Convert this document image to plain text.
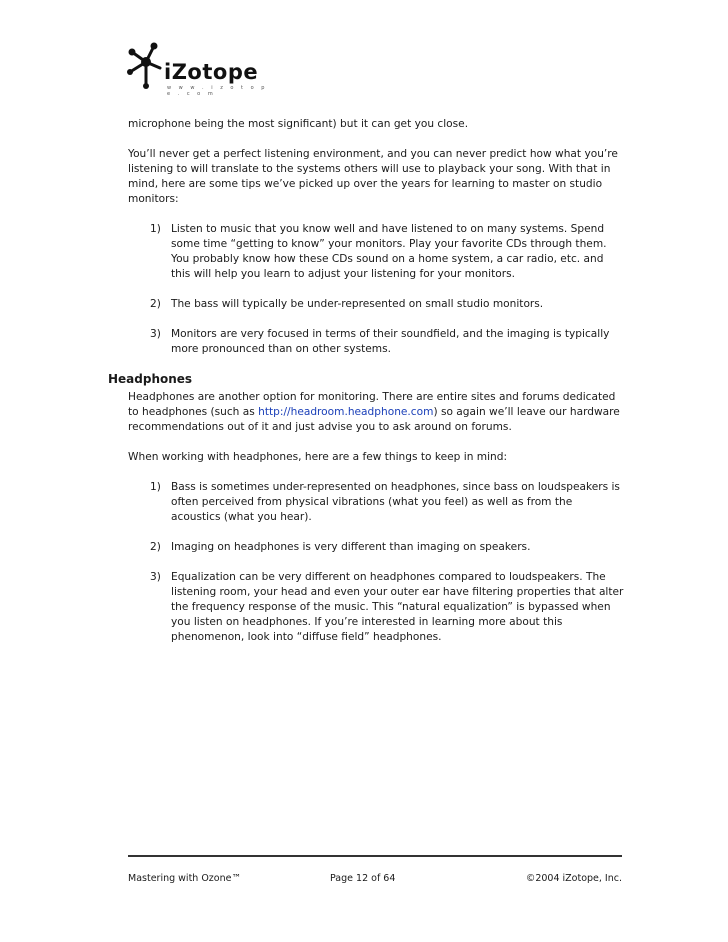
iZotope
w w w . i z o t o p e . c o m

microphone being the most significant) but it can get you close.

You’ll never get a perfect listening environment, and you can never predict how what you’re listening to will translate to the systems others will use to playback your song. With that in mind, here are some tips we’ve picked up over the years for learning to master on studio monitors:

1) Listen to music that you know well and have listened to on many systems. Spend some time “getting to know” your monitors. Play your favorite CDs through them. You probably know how these CDs sound on a home system, a car radio, etc. and this will help you learn to adjust your listening for your monitors.
2) The bass will typically be under-represented on small studio monitors.
3) Monitors are very focused in terms of their soundfield, and the imaging is typically more pronounced than on other systems.
Headphones

Headphones are another option for monitoring. There are entire sites and forums dedicated to headphones (such as http://headroom.headphone.com) so again we’ll leave our hardware recommendations out of it and just advise you to ask around on forums.

When working with headphones, here are a few things to keep in mind:

1) Bass is sometimes under-represented on headphones, since bass on loudspeakers is often perceived from physical vibrations (what you feel) as well as from the acoustics (what you hear).
2) Imaging on headphones is very different than imaging on speakers.
3) Equalization can be very different on headphones compared to loudspeakers. The listening room, your head and even your outer ear have filtering properties that alter the frequency response of the music. This “natural equalization” is bypassed when you listen on headphones. If you’re interested in learning more about this phenomenon, look into “diffuse field” headphones.
Mastering with Ozone™	Page 12 of 64	©2004 iZotope, Inc.
